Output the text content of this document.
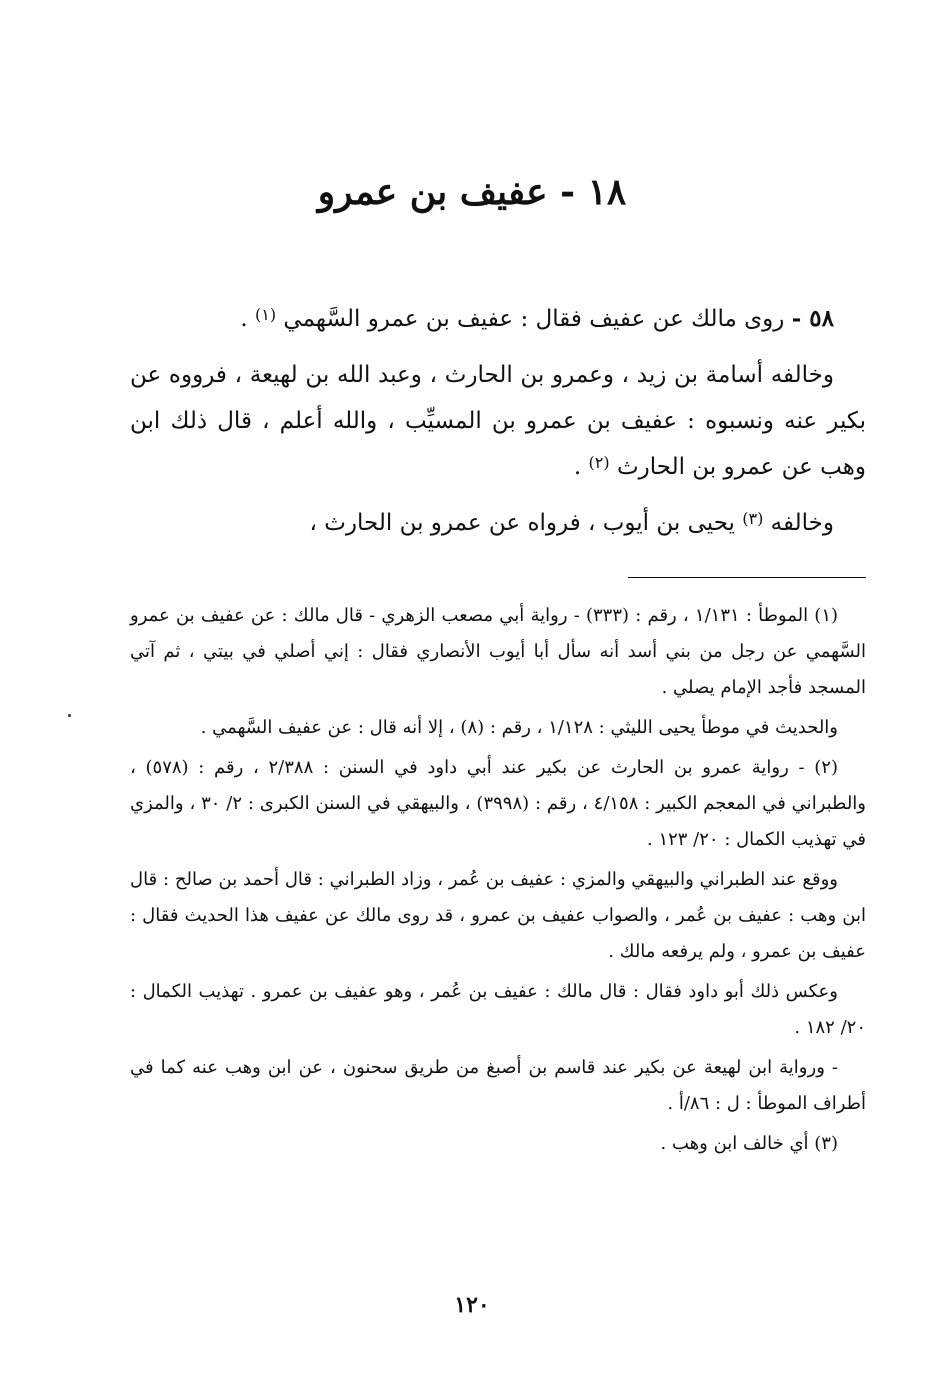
١٨ - عفيف بن عمرو

٥٨ - روى مالك عن عفيف فقال : عفيف بن عمرو السَّهمي $^{(١)}$ .

وخالفه أسامة بن زيد ، وعمرو بن الحارث ، وعبد الله بن لهيعة ، فرووه عن بكير عنه ونسبوه : عفيف بن عمرو بن المسيِّب ، والله أعلم ، قال ذلك ابن وهب عن عمرو بن الحارث $^{(٢)}$ .

وخالفه $^{(٣)}$ يحيى بن أيوب ، فرواه عن عمرو بن الحارث ،

(١) الموطأ : ١/١٣١ ، رقم : (٣٣٣) - رواية أبي مصعب الزهري - قال مالك : عن عفيف بن عمرو السَّهمي عن رجل من بني أسد أنه سأل أبا أيوب الأنصاري فقال : إني أصلي في بيتي ، ثم آتي المسجد فأجد الإمام يصلي .

والحديث في موطأ يحيى الليثي : ١/١٢٨ ، رقم : (٨) ، إلا أنه قال : عن عفيف السَّهمي .

(٢) - رواية عمرو بن الحارث عن بكير عند أبي داود في السنن : ٢/٣٨٨ ، رقم : (٥٧٨) ، والطبراني في المعجم الكبير : ٤/١٥٨ ، رقم : (٣٩٩٨) ، والبيهقي في السنن الكبرى : ٢/ ٣٠ ، والمزي في تهذيب الكمال : ٢٠/ ١٢٣ .

ووقع عند الطبراني والبيهقي والمزي : عفيف بن عُمر ، وزاد الطبراني : قال أحمد بن صالح : قال ابن وهب : عفيف بن عُمر ، والصواب عفيف بن عمرو ، قد روى مالك عن عفيف هذا الحديث فقال : عفيف بن عمرو ، ولم يرفعه مالك .

وعكس ذلك أبو داود فقال : قال مالك : عفيف بن عُمر ، وهو عفيف بن عمرو . تهذيب الكمال : ٢٠/ ١٨٢ .

- ورواية ابن لهيعة عن بكير عند قاسم بن أصبغ من طريق سحنون ، عن ابن وهب عنه كما في أطراف الموطأ : ل : ٨٦/أ .

(٣) أي خالف ابن وهب .

١٢٠
